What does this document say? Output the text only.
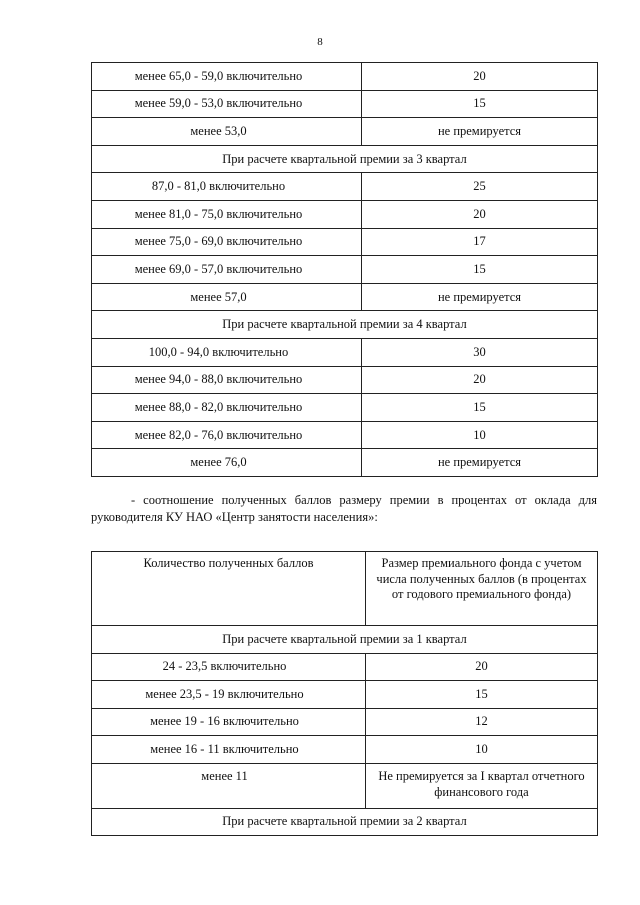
8
менее 65,0 - 59,0 включительно	20
менее 59,0 - 53,0 включительно	15
менее 53,0	не премируется
При расчете квартальной премии за 3 квартал	
87,0 - 81,0 включительно	25
менее 81,0 - 75,0 включительно	20
менее 75,0 - 69,0 включительно	17
менее 69,0 - 57,0 включительно	15
менее 57,0	не премируется
При расчете квартальной премии за 4 квартал	
100,0 - 94,0 включительно	30
менее 94,0 - 88,0 включительно	20
менее 88,0 - 82,0 включительно	15
менее 82,0 - 76,0 включительно	10
менее 76,0	не премируется

- соотношение полученных баллов размеру премии в процентах от оклада для руководителя КУ НАО «Центр занятости населения»:

Количество полученных баллов	Размер премиального фонда с учетом числа полученных баллов (в процентах от годового премиального фонда)
При расчете квартальной премии за 1 квартал	
24 - 23,5 включительно	20
менее 23,5 - 19 включительно	15
менее 19 - 16 включительно	12
менее 16 - 11 включительно	10
менее 11	Не премируется за I квартал отчетного финансового года
При расчете квартальной премии за 2 квартал	
